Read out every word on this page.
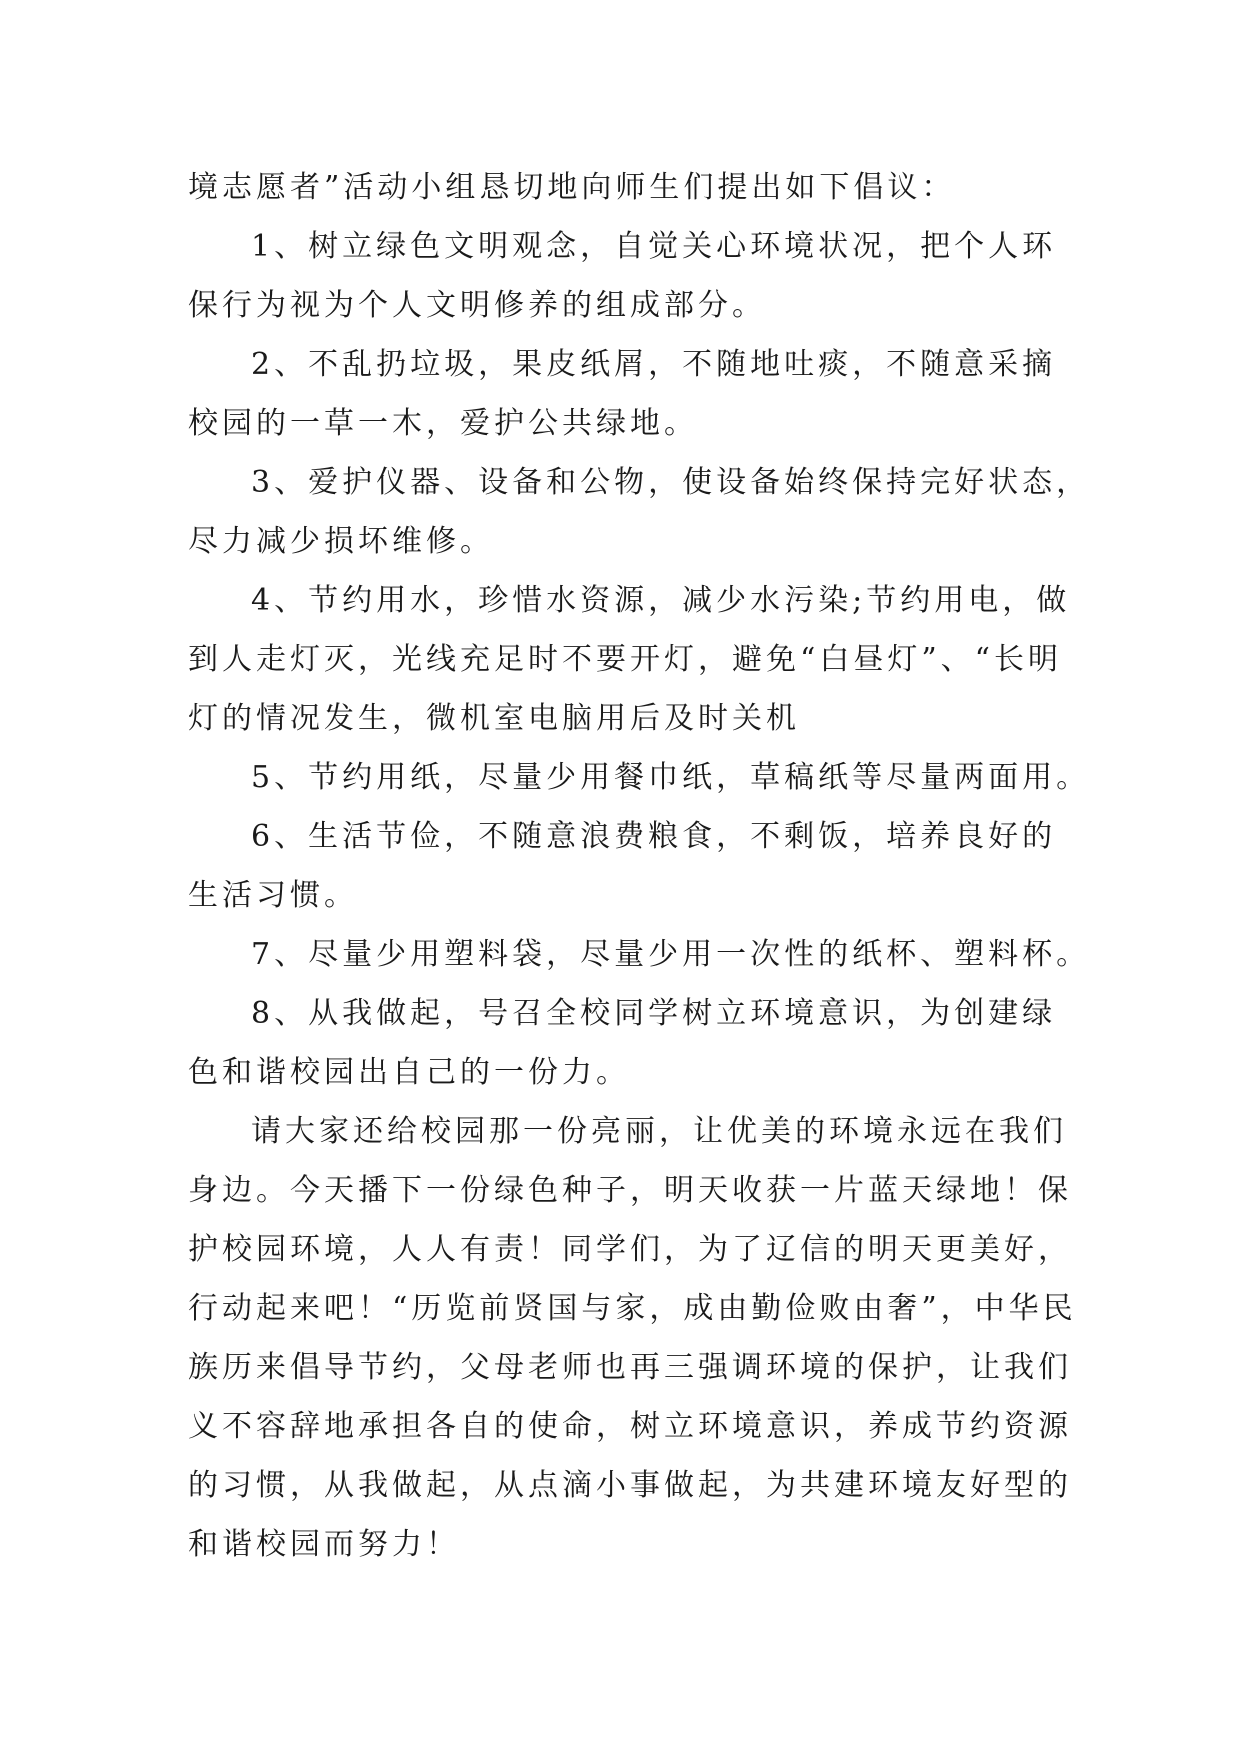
境志愿者”活动小组恳切地向师生们提出如下倡议：
1、树立绿色文明观念，自觉关心环境状况，把个人环
保行为视为个人文明修养的组成部分。
2、不乱扔垃圾，果皮纸屑，不随地吐痰，不随意采摘
校园的一草一木，爱护公共绿地。
3、爱护仪器、设备和公物，使设备始终保持完好状态，
尽力减少损坏维修。
4、节约用水，珍惜水资源，减少水污染;节约用电，做
到人走灯灭，光线充足时不要开灯，避免“白昼灯”、“长明
灯的情况发生，微机室电脑用后及时关机
5、节约用纸，尽量少用餐巾纸，草稿纸等尽量两面用。
6、生活节俭，不随意浪费粮食，不剩饭，培养良好的
生活习惯。
7、尽量少用塑料袋，尽量少用一次性的纸杯、塑料杯。
8、从我做起，号召全校同学树立环境意识，为创建绿
色和谐校园出自己的一份力。
请大家还给校园那一份亮丽，让优美的环境永远在我们
身边。今天播下一份绿色种子，明天收获一片蓝天绿地！保
护校园环境，人人有责！同学们，为了辽信的明天更美好，
行动起来吧！“历览前贤国与家，成由勤俭败由奢”，中华民
族历来倡导节约，父母老师也再三强调环境的保护，让我们
义不容辞地承担各自的使命，树立环境意识，养成节约资源
的习惯，从我做起，从点滴小事做起，为共建环境友好型的
和谐校园而努力！
